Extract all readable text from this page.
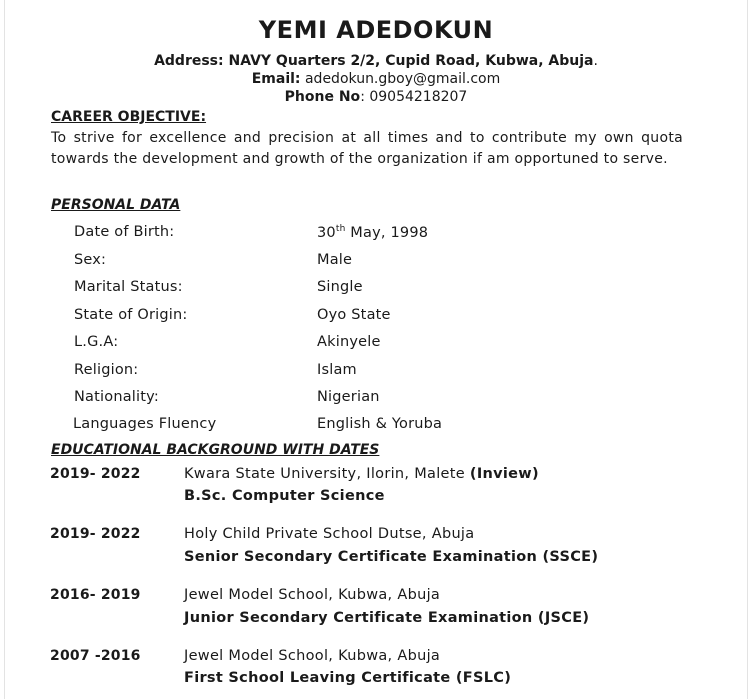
YEMI ADEDOKUN
Address: NAVY Quarters 2/2, Cupid Road, Kubwa, Abuja.
Email: adedokun.gboy@gmail.com
Phone No: 09054218207
CAREER OBJECTIVE:
To strive for excellence and precision at all times and to contribute my own quota towards the development and growth of the organization if am opportuned to serve.
PERSONAL DATA
Date of Birth:	30th May, 1998
Sex:	Male
Marital Status:	Single
State of Origin:	Oyo State
L.G.A:	Akinyele
Religion:	Islam
Nationality:	Nigerian
Languages Fluency	English & Yoruba
EDUCATIONAL BACKGROUND WITH DATES
2019- 2022	Kwara State University, Ilorin, Malete (Inview)
B.Sc. Computer Science
2019- 2022	Holy Child Private School Dutse, Abuja
Senior Secondary Certificate Examination (SSCE)
2016- 2019	Jewel Model School, Kubwa, Abuja
Junior Secondary Certificate Examination (JSCE)
2007 -2016	Jewel Model School, Kubwa, Abuja
First School Leaving Certificate (FSLC)
